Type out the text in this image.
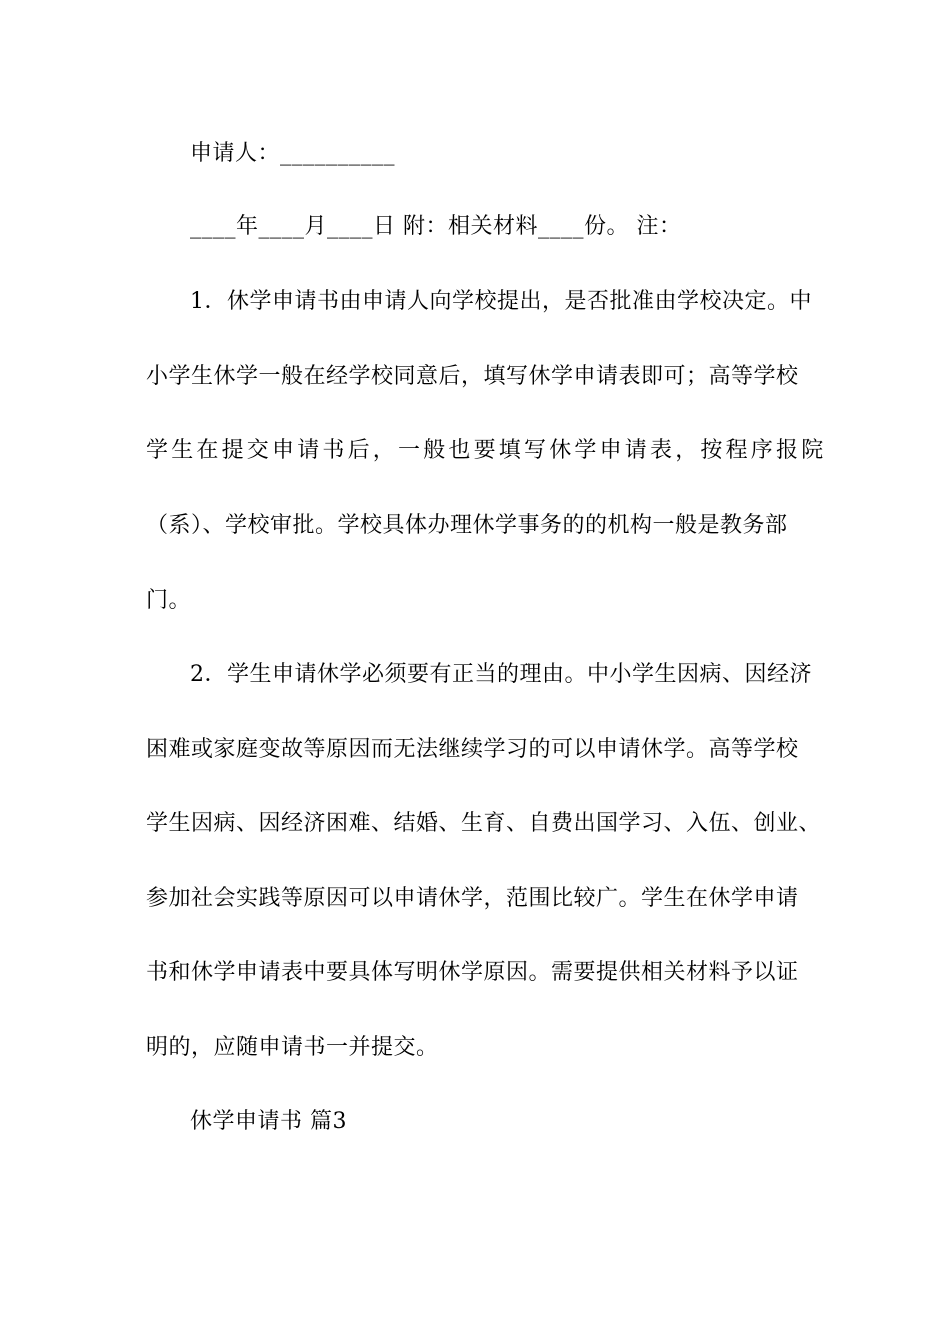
申请人：__________
____年____月____日 附：相关材料____份。 注：
1．休学申请书由申请人向学校提出，是否批准由学校决定。中
小学生休学一般在经学校同意后，填写休学申请表即可；高等学校
学生在提交申请书后，一般也要填写休学申请表，按程序报院
（系）、学校审批。学校具体办理休学事务的的机构一般是教务部
门。
2．学生申请休学必须要有正当的理由。中小学生因病、因经济
困难或家庭变故等原因而无法继续学习的可以申请休学。高等学校
学生因病、因经济困难、结婚、生育、自费出国学习、入伍、创业、
参加社会实践等原因可以申请休学，范围比较广。学生在休学申请
书和休学申请表中要具体写明休学原因。需要提供相关材料予以证
明的，应随申请书一并提交。
休学申请书 篇3
